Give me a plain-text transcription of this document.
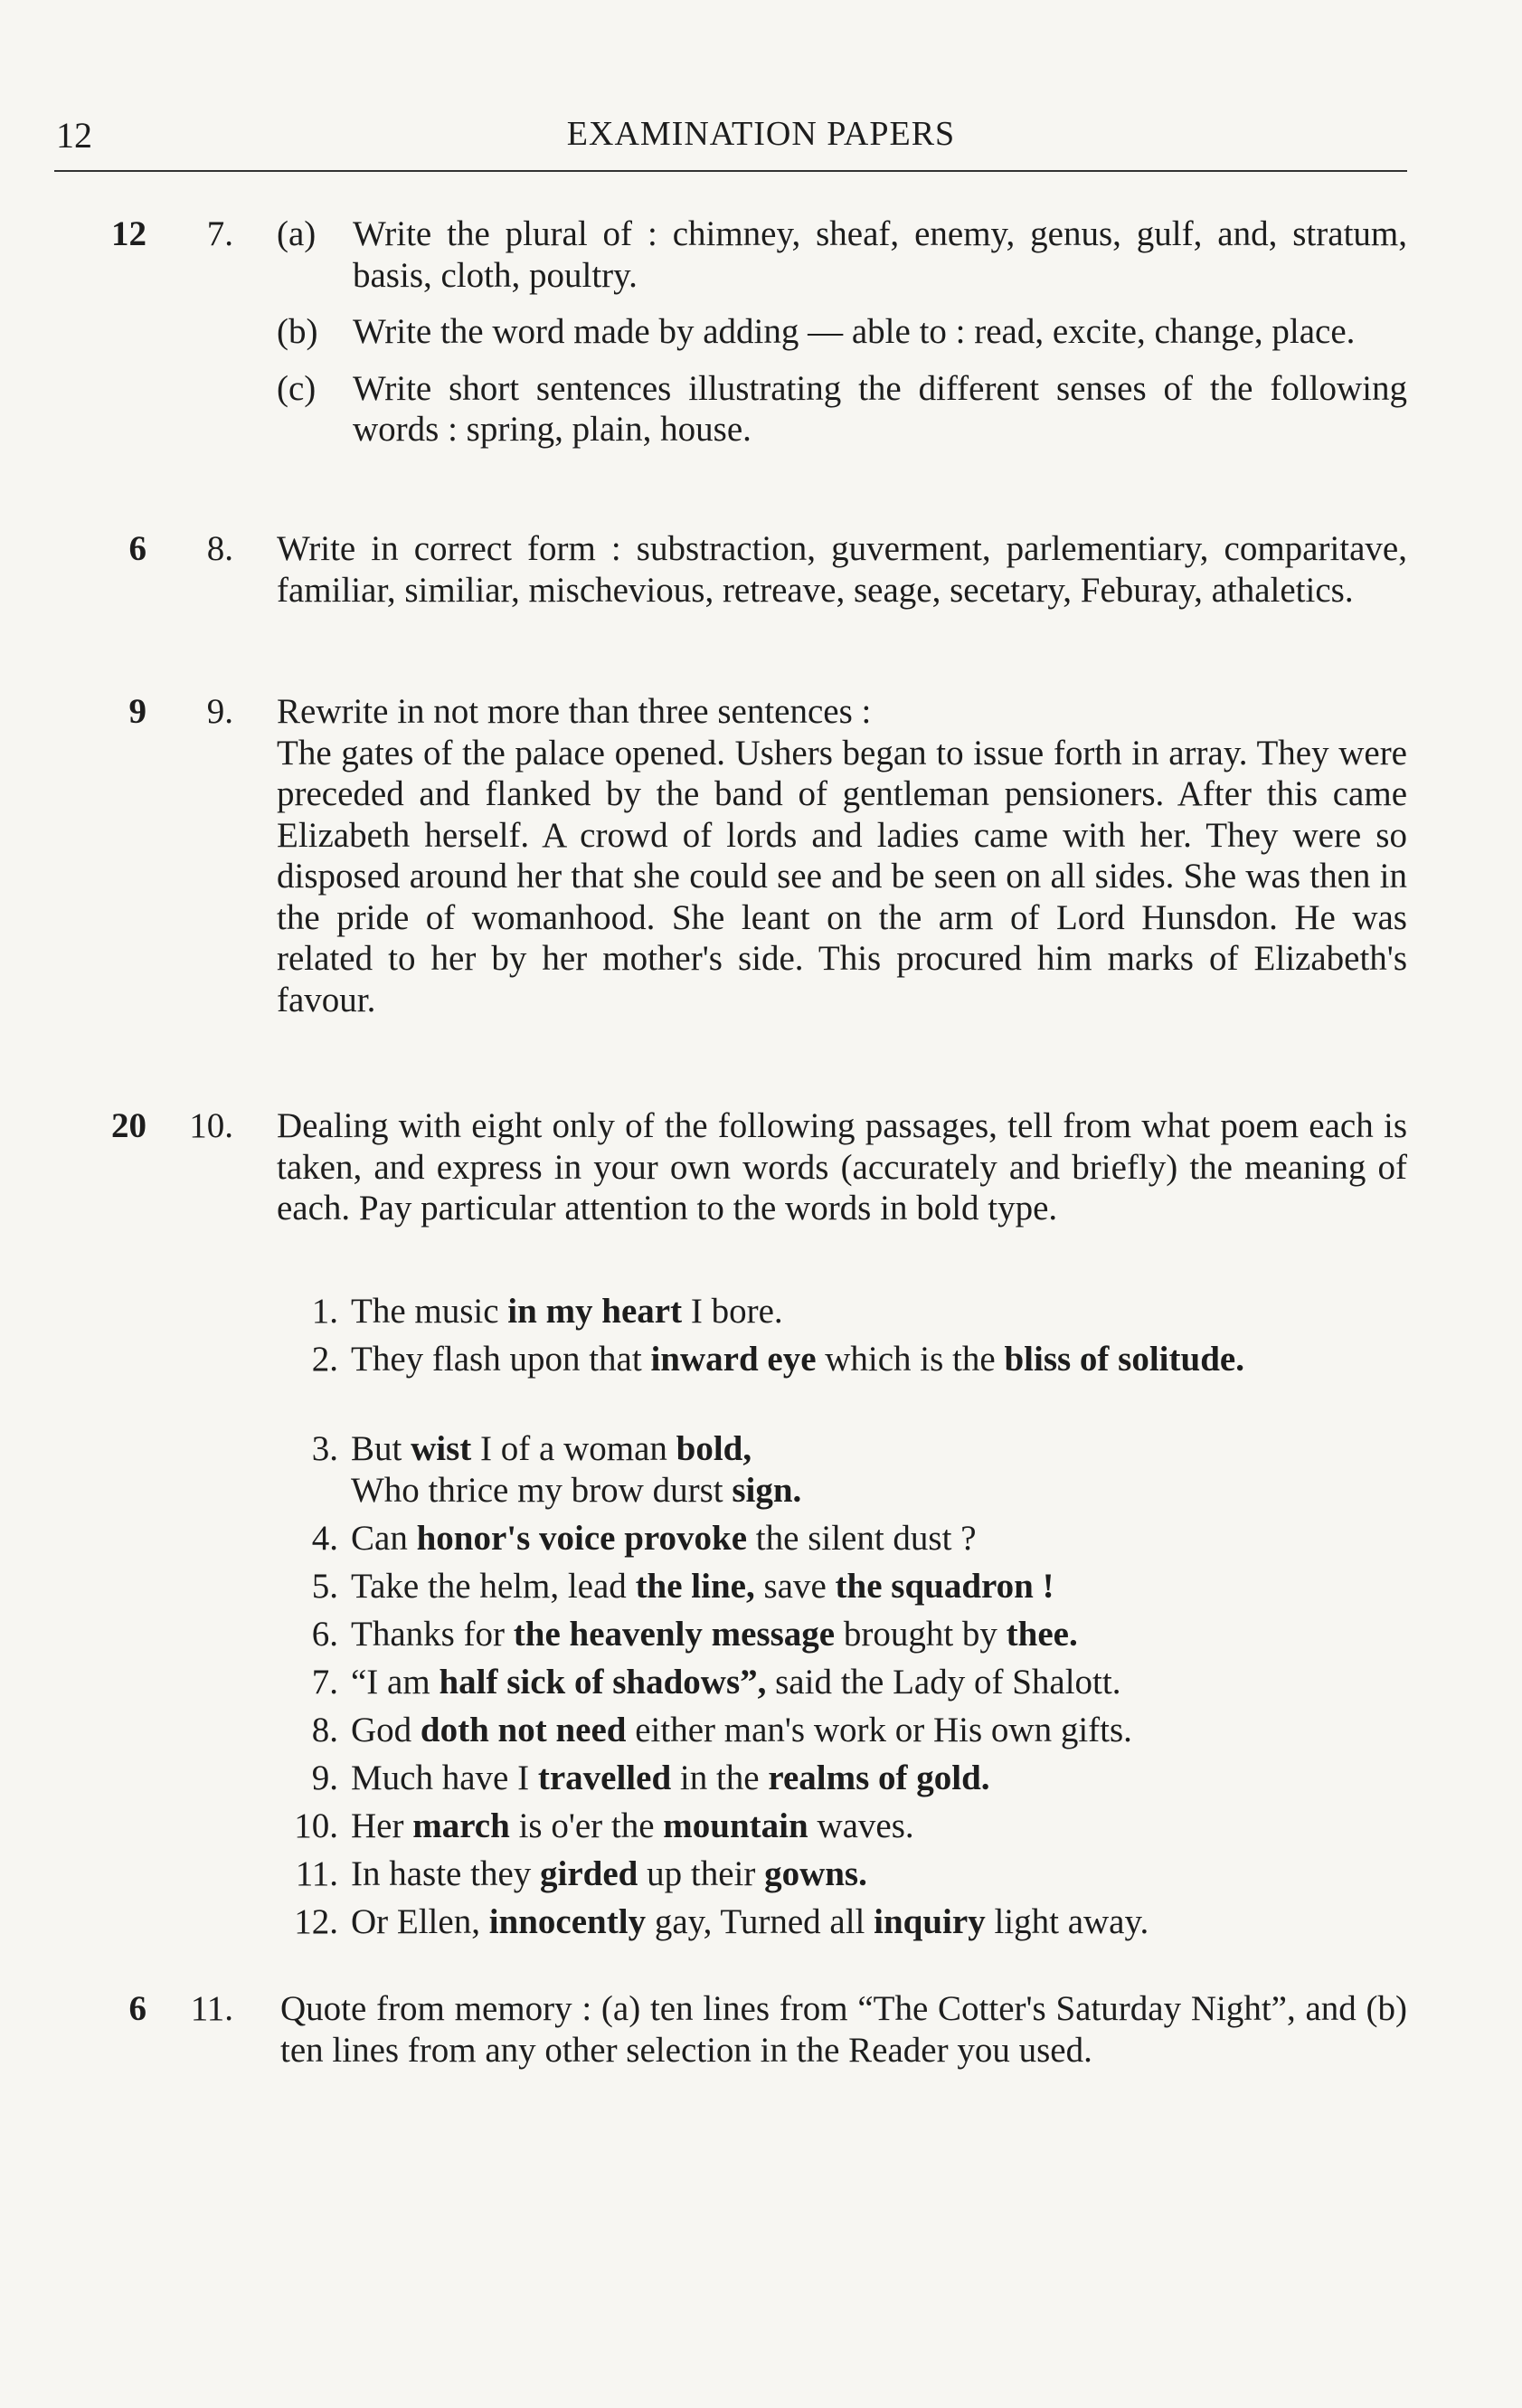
12	EXAMINATION PAPERS
12	7. (a)	Write the plural of : chimney, sheaf, enemy, genus, gulf, and, stratum, basis, cloth, poultry.
(b) Write the word made by adding — able to : read, excite, change, place.
(c)	Write short sentences illustrating the different senses of the following words : spring, plain, house.
6	8. Write in correct form : substraction, guverment, parlementiary, comparitave, familiar, similiar, mischevious, retreave, seage, secetary, Feburay, athaletics.

9	9. Rewrite in not more than three sentences :

The gates of the palace opened. Ushers began to issue forth in array. They were preceded and flanked by the band of gentleman pensioners. After this came Elizabeth herself. A crowd of lords and ladies came with her. They were so disposed around her that she could see and be seen on all sides. She was then in the pride of womanhood. She leant on the arm of Lord Hunsdon. He was related to her by her mother's side. This procured him marks of Elizabeth's favour.

20	10. Dealing with eight only of the following passages, tell from what poem each is taken, and express in your own words (accurately and briefly) the meaning of each. Pay particular attention to the words in bold type.

1. The music in my heart I bore.
2. They flash upon that inward eye which is the bliss of solitude.
3. But wist I of a woman bold,
Who thrice my brow durst sign.
4. Can honor's voice provoke the silent dust ?
5. Take the helm, lead the line, save the squadron !
6. Thanks for the heavenly message brought by thee.
7. “I am half sick of shadows”, said the Lady of Shalott.
8. God doth not need either man's work or His own gifts.
9. Much have I travelled in the realms of gold.
10. Her march is o'er the mountain waves.
11. In haste they girded up their gowns.
12. Or Ellen, innocently gay, Turned all inquiry light away.
6	11. Quote from memory : (a) ten lines from “The Cotter's Saturday Night”, and (b) ten lines from any other selection in the Reader you used.
